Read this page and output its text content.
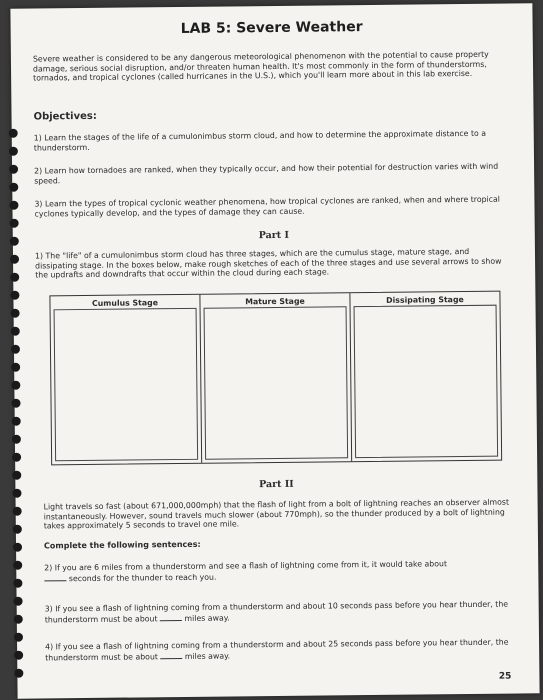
LAB 5: Severe Weather
Severe weather is considered to be any dangerous meteorological phenomenon with the potential to cause property damage, serious social disruption, and/or threaten human health. It's most commonly in the form of thunderstorms, tornados, and tropical cyclones (called hurricanes in the U.S.), which you'll learn more about in this lab exercise.
Objectives:
1) Learn the stages of the life of a cumulonimbus storm cloud, and how to determine the approximate distance to a thunderstorm.
2) Learn how tornadoes are ranked, when they typically occur, and how their potential for destruction varies with wind speed.
3) Learn the types of tropical cyclonic weather phenomena, how tropical cyclones are ranked, when and where tropical cyclones typically develop, and the types of damage they can cause.
Part I
1) The "life" of a cumulonimbus storm cloud has three stages, which are the cumulus stage, mature stage, and dissipating stage. In the boxes below, make rough sketches of each of the three stages and use several arrows to show the updrafts and downdrafts that occur within the cloud during each stage.
Cumulus Stage	Mature Stage	Dissipating Stage
Part II
Light travels so fast (about 671,000,000mph) that the flash of light from a bolt of lightning reaches an observer almost instantaneously. However, sound travels much slower (about 770mph), so the thunder produced by a bolt of lightning takes approximately 5 seconds to travel one mile.
Complete the following sentences:
2) If you are 6 miles from a thunderstorm and see a flash of lightning come from it, it would take about
seconds for the thunder to reach you.
3) If you see a flash of lightning coming from a thunderstorm and about 10 seconds pass before you hear thunder, the thunderstorm must be about	miles away.
4) If you see a flash of lightning coming from a thunderstorm and about 25 seconds pass before you hear thunder, the thunderstorm must be about	miles away.
25
